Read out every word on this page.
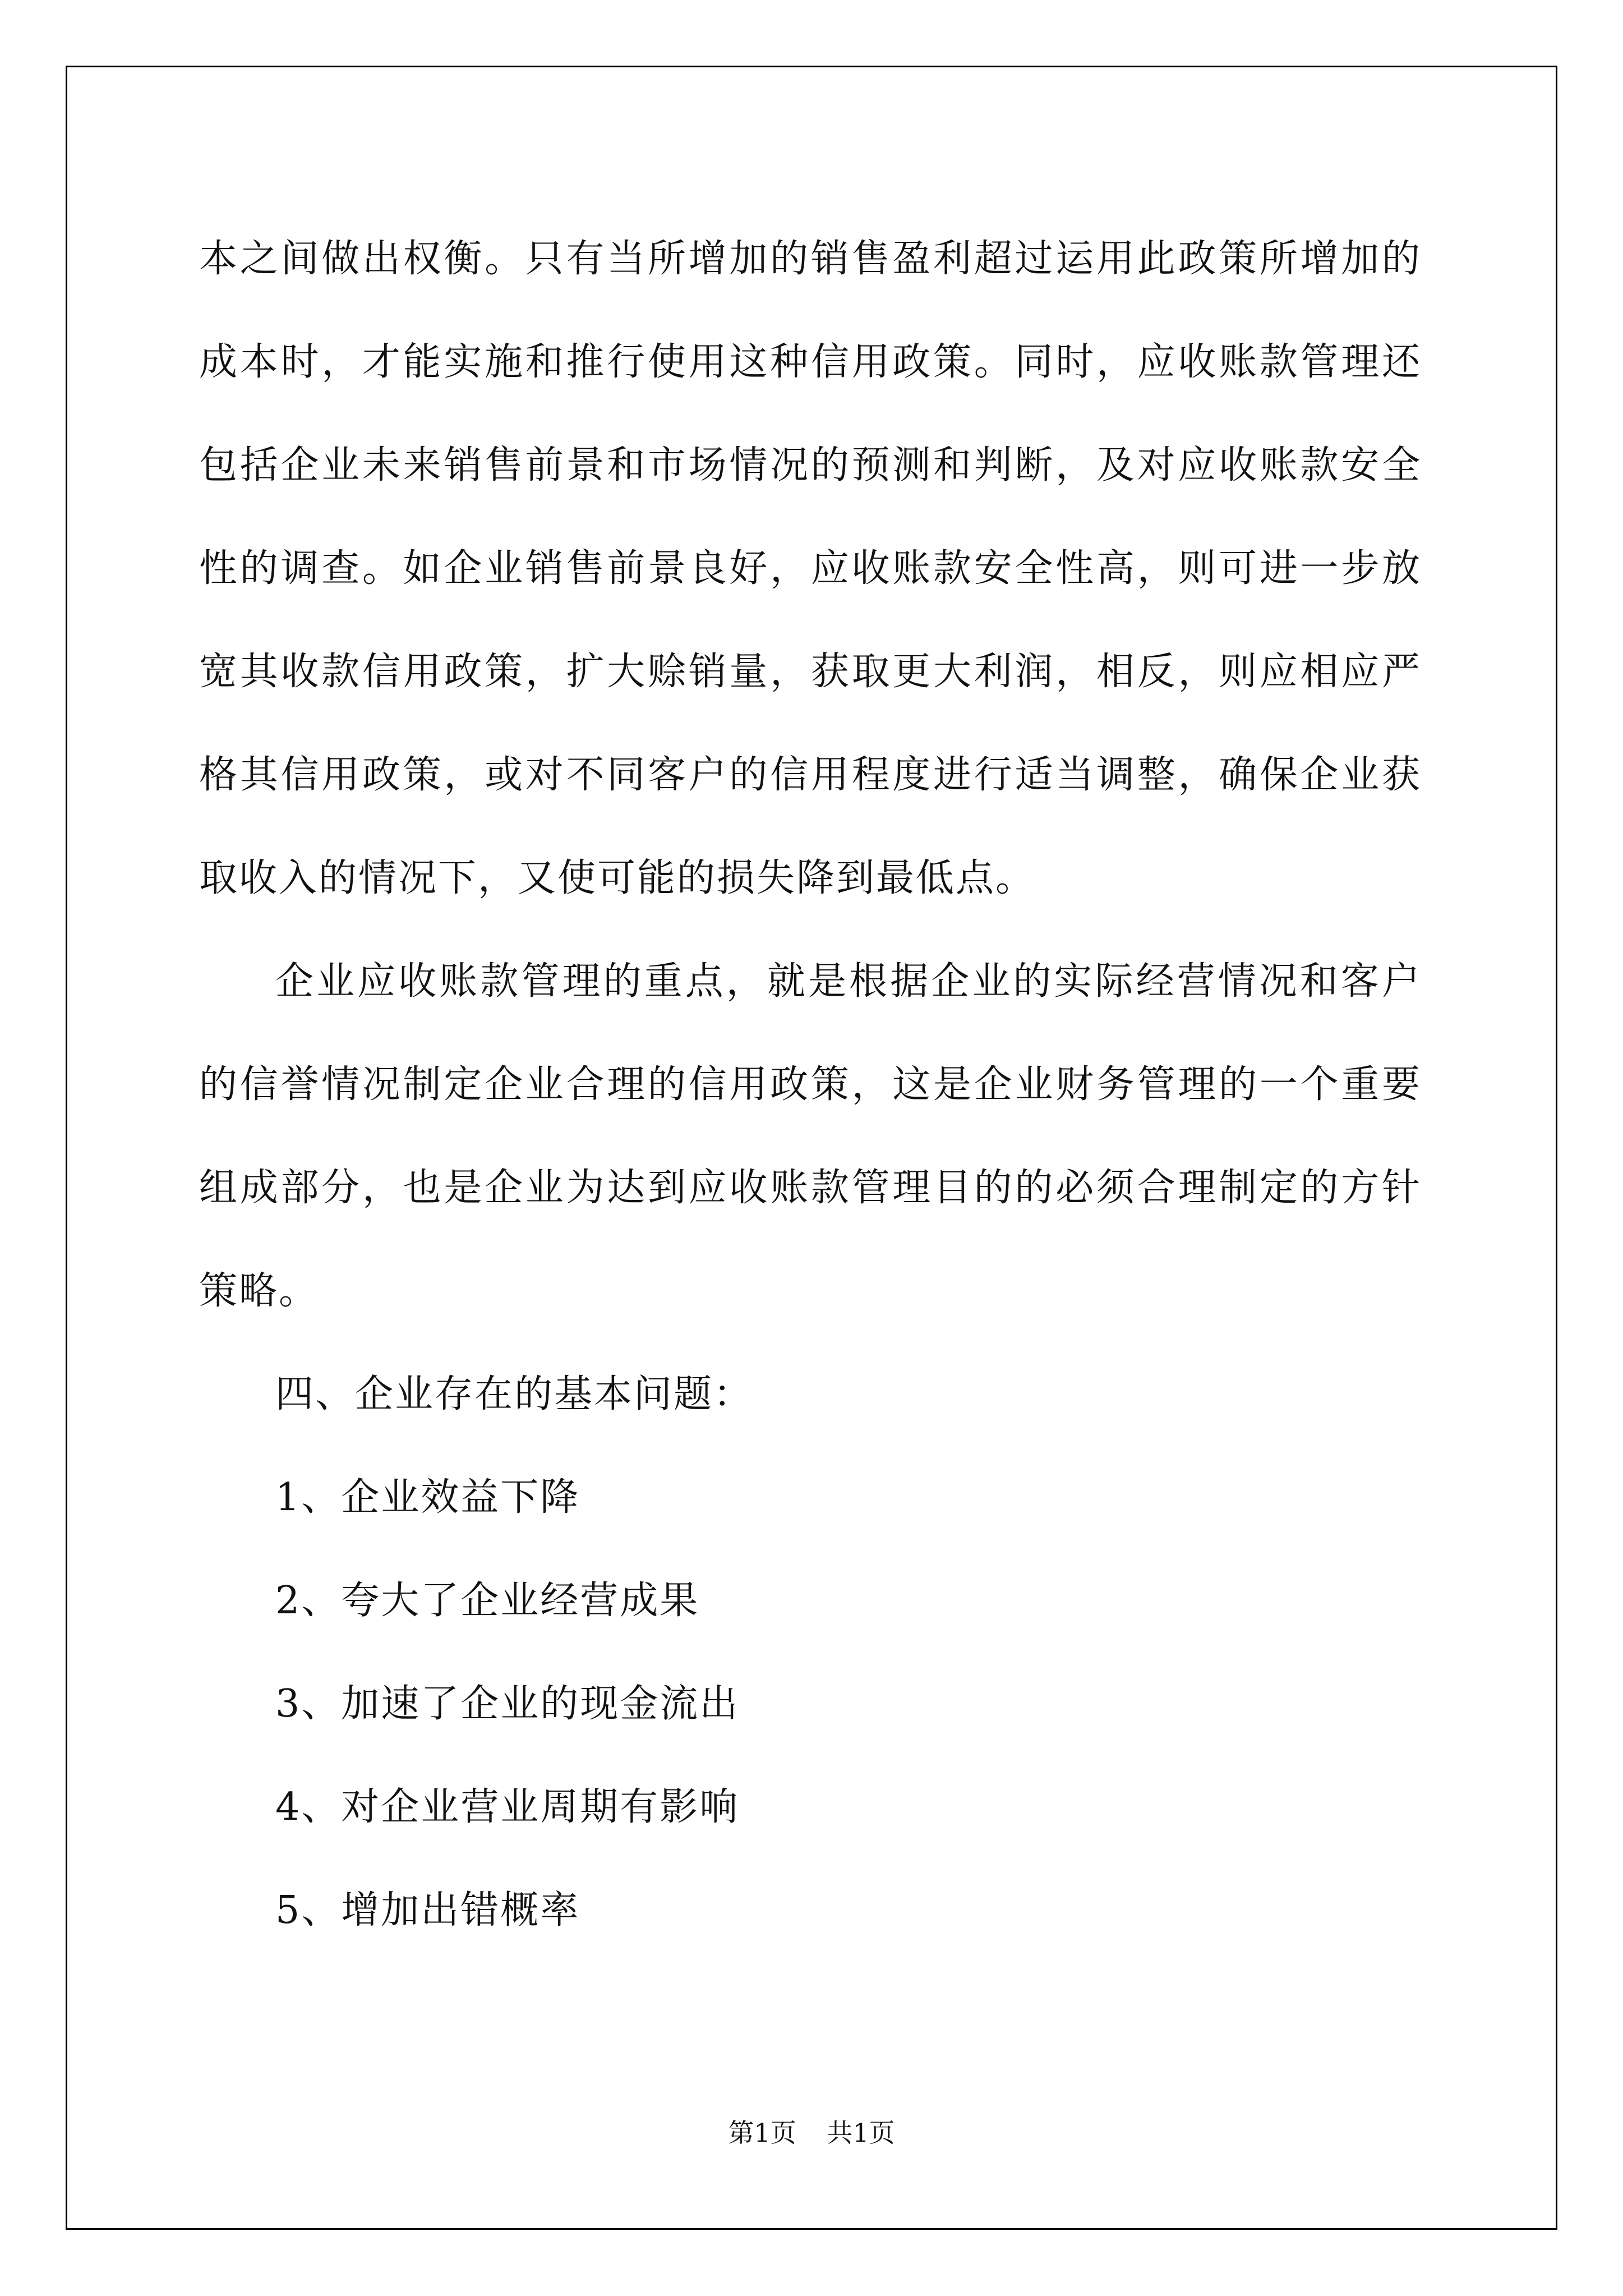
本之间做出权衡。只有当所增加的销售盈利超过运用此政策所增加的成本时，才能实施和推行使用这种信用政策。同时，应收账款管理还包括企业未来销售前景和市场情况的预测和判断，及对应收账款安全性的调查。如企业销售前景良好，应收账款安全性高，则可进一步放宽其收款信用政策，扩大赊销量，获取更大利润，相反，则应相应严格其信用政策，或对不同客户的信用程度进行适当调整，确保企业获取收入的情况下，又使可能的损失降到最低点。

企业应收账款管理的重点，就是根据企业的实际经营情况和客户的信誉情况制定企业合理的信用政策，这是企业财务管理的一个重要组成部分，也是企业为达到应收账款管理目的的必须合理制定的方针策略。

四、企业存在的基本问题：

1、企业效益下降

2、夸大了企业经营成果

3、加速了企业的现金流出

4、对企业营业周期有影响

5、增加出错概率

第1页 共1页
